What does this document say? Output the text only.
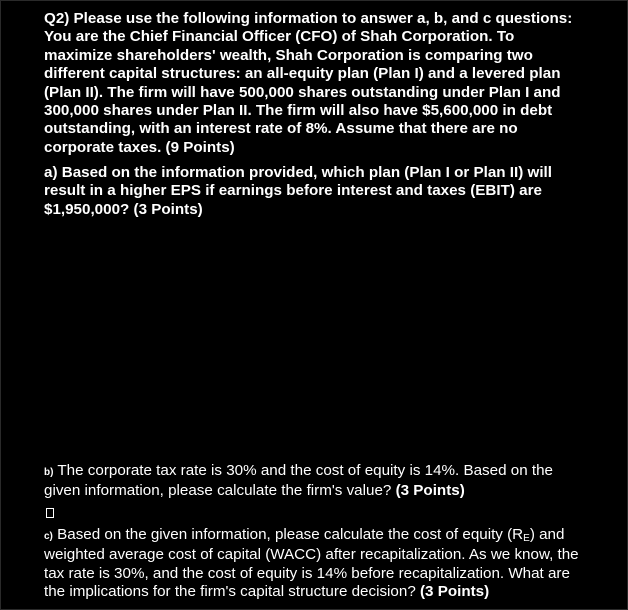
Q2) Please use the following information to answer a, b, and c questions:
You are the Chief Financial Officer (CFO) of Shah Corporation. To
maximize shareholders' wealth, Shah Corporation is comparing two
different capital structures: an all-equity plan (Plan I) and a levered plan
(Plan II). The firm will have 500,000 shares outstanding under Plan I and
300,000 shares under Plan II. The firm will also have $5,600,000 in debt
outstanding, with an interest rate of 8%. Assume that there are no
corporate taxes. (9 Points)
a) Based on the information provided, which plan (Plan I or Plan II) will
result in a higher EPS if earnings before interest and taxes (EBIT) are
$1,950,000? (3 Points)
b) The corporate tax rate is 30% and the cost of equity is 14%. Based on the
given information, please calculate the firm's value? (3 Points)
c) Based on the given information, please calculate the cost of equity $(R_E)$ and
weighted average cost of capital (WACC) after recapitalization. As we know, the
tax rate is 30%, and the cost of equity is 14% before recapitalization. What are
the implications for the firm's capital structure decision? (3 Points)
